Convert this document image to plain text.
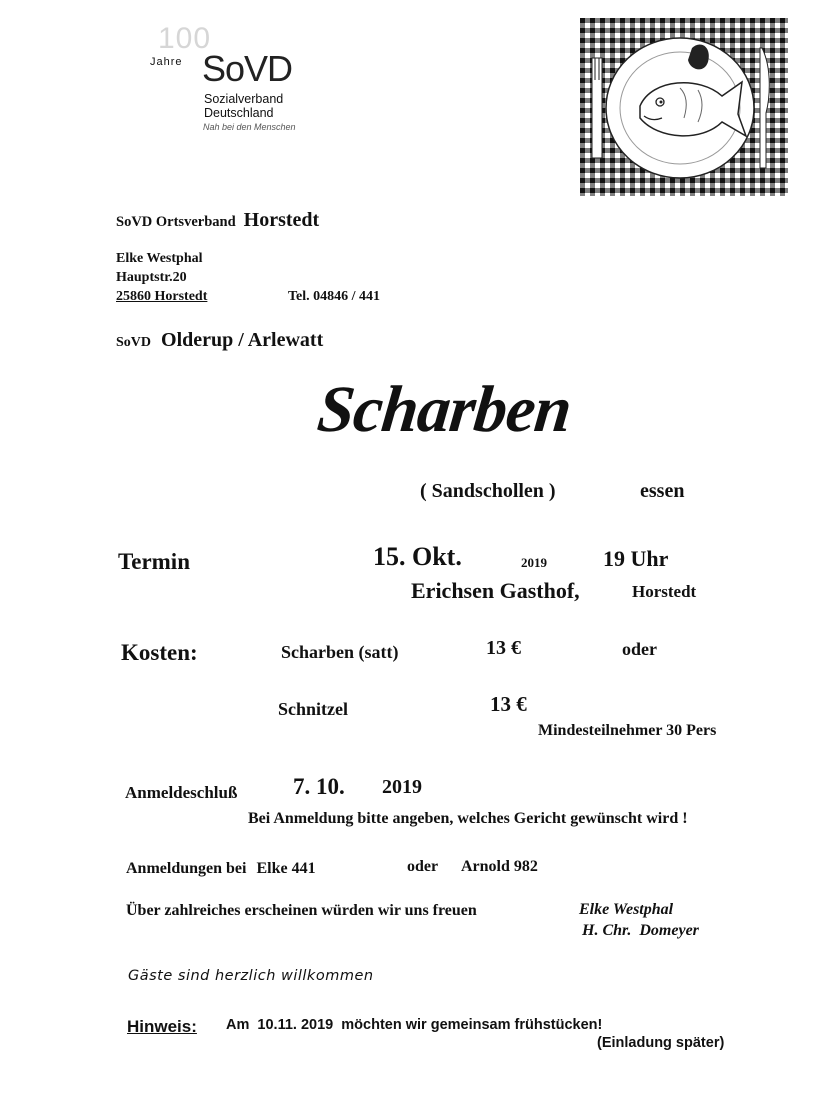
100
Jahre SoVD
Sozialverband
Deutschland
Nah bei den Menschen
SoVD Ortsverband Horstedt
Elke Westphal
Hauptstr.20
25860 Horstedt	Tel. 04846 / 441
SoVD Olderup / Arlewatt
Scharben
( Sandschollen )	essen
Termin	15. Okt.	2019	19 Uhr
Erichsen Gasthof,	Horstedt
Kosten:	Scharben (satt)	13 €	oder
Schnitzel	13 €
Mindesteilnehmer 30 Pers
Anmeldeschluß 7. 10. 2019
Bei Anmeldung bitte angeben, welches Gericht gewünscht wird !
Anmeldungen bei Elke 441	oder Arnold 982
Über zahlreiches erscheinen würden wir uns freuen	Elke Westphal
H. Chr.  Domeyer
Gäste sind herzlich willkommen
Hinweis: Am  10.11. 2019  möchten wir gemeinsam frühstücken!
(Einladung später)
